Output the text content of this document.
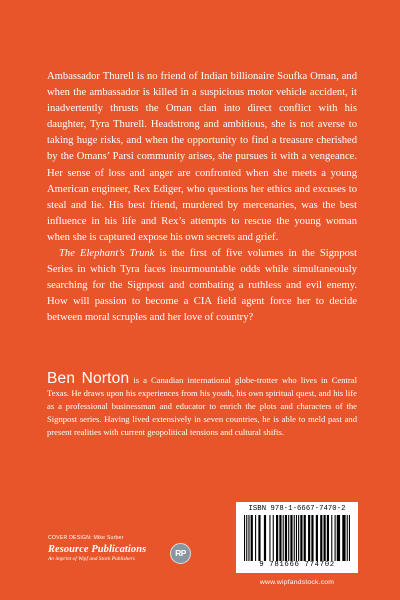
Ambassador Thurell is no friend of Indian billionaire Soufka Oman, and when the ambassador is killed in a suspicious motor vehicle accident, it inadvertently thrusts the Oman clan into direct conflict with his daughter, Tyra Thurell. Headstrong and ambitious, she is not averse to taking huge risks, and when the opportunity to find a treasure cherished by the Omans’ Parsi community arises, she pursues it with a vengeance. Her sense of loss and anger are confronted when she meets a young American engineer, Rex Ediger, who questions her ethics and excuses to steal and lie. His best friend, murdered by mercenaries, was the best influence in his life and Rex’s attempts to rescue the young woman when she is captured expose his own secrets and grief.

The Elephant’s Trunk is the first of five volumes in the Signpost Series in which Tyra faces insurmountable odds while simultaneously searching for the Signpost and combating a ruthless and evil enemy. How will passion to become a CIA field agent force her to decide between moral scruples and her love of country?

Ben Norton is a Canadian international globe-trotter who lives in Central Texas. He draws upon his experiences from his youth, his own spiritual quest, and his life as a professional businessman and educator to enrich the plots and characters of the Signpost series. Having lived extensively in seven countries, he is able to meld past and present realities with current geopolitical tensions and cultural shifts.
ISBN 978-1-6667-7470-2
9 781666 774702
COVER DESIGN: Mike Surber
Resource Publications
An imprint of Wipf and Stock Publishers
RP
www.wipfandstock.com
